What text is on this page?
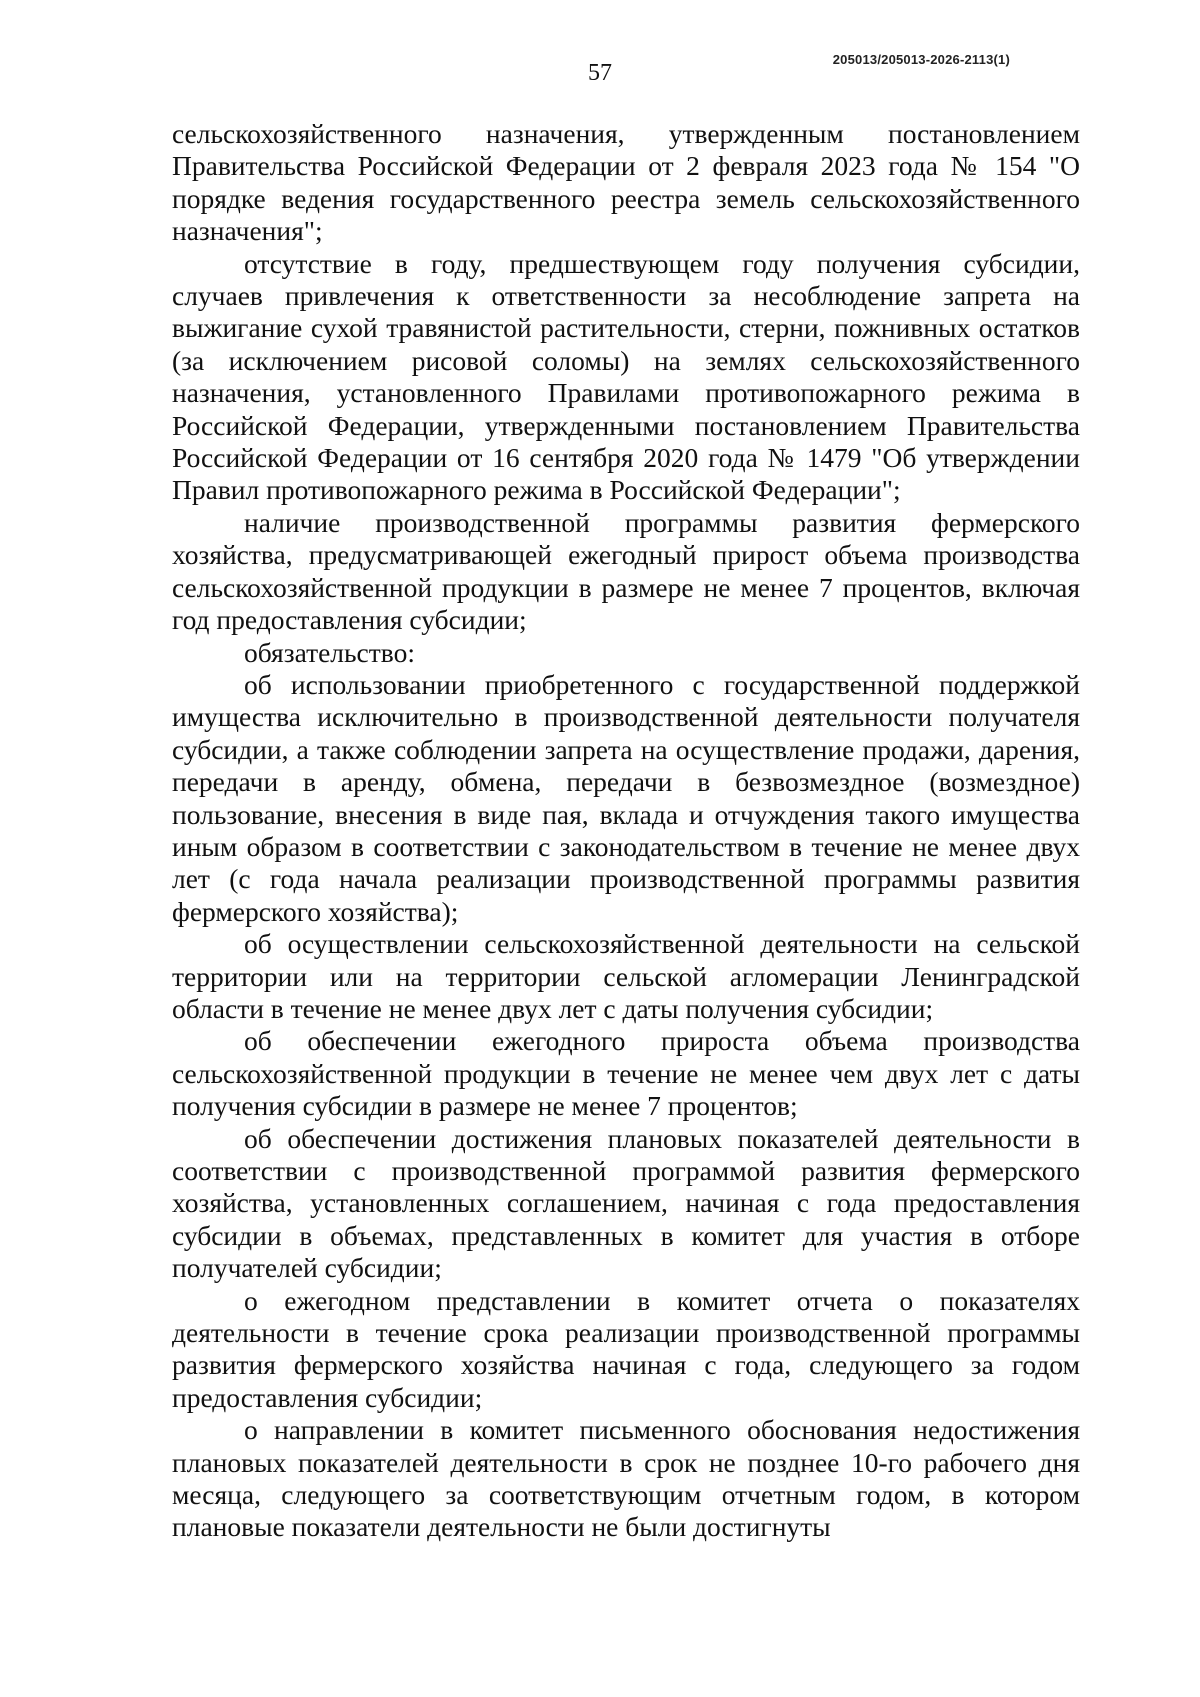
205013/205013-2026-2113(1)
57

сельскохозяйственного назначения, утвержденным постановлением Правительства Российской Федерации от 2 февраля 2023 года № 154 "О порядке ведения государственного реестра земель сельскохозяйственного назначения";

отсутствие в году, предшествующем году получения субсидии, случаев привлечения к ответственности за несоблюдение запрета на выжигание сухой травянистой растительности, стерни, пожнивных остатков (за исключением рисовой соломы) на землях сельскохозяйственного назначения, установленного Правилами противопожарного режима в Российской Федерации, утвержденными постановлением Правительства Российской Федерации от 16 сентября 2020 года № 1479 "Об утверждении Правил противопожарного режима в Российской Федерации";

наличие производственной программы развития фермерского хозяйства, предусматривающей ежегодный прирост объема производства сельскохозяйственной продукции в размере не менее 7 процентов, включая год предоставления субсидии;

обязательство:

об использовании приобретенного с государственной поддержкой имущества исключительно в производственной деятельности получателя субсидии, а также соблюдении запрета на осуществление продажи, дарения, передачи в аренду, обмена, передачи в безвозмездное (возмездное) пользование, внесения в виде пая, вклада и отчуждения такого имущества иным образом в соответствии с законодательством в течение не менее двух лет (с года начала реализации производственной программы развития фермерского хозяйства);

об осуществлении сельскохозяйственной деятельности на сельской территории или на территории сельской агломерации Ленинградской области в течение не менее двух лет с даты получения субсидии;

об обеспечении ежегодного прироста объема производства сельскохозяйственной продукции в течение не менее чем двух лет с даты получения субсидии в размере не менее 7 процентов;

об обеспечении достижения плановых показателей деятельности в соответствии с производственной программой развития фермерского хозяйства, установленных соглашением, начиная с года предоставления субсидии в объемах, представленных в комитет для участия в отборе получателей субсидии;

о ежегодном представлении в комитет отчета о показателях деятельности в течение срока реализации производственной программы развития фермерского хозяйства начиная с года, следующего за годом предоставления субсидии;

о направлении в комитет письменного обоснования недостижения плановых показателей деятельности в срок не позднее 10-го рабочего дня месяца, следующего за соответствующим отчетным годом, в котором плановые показатели деятельности не были достигнуты
